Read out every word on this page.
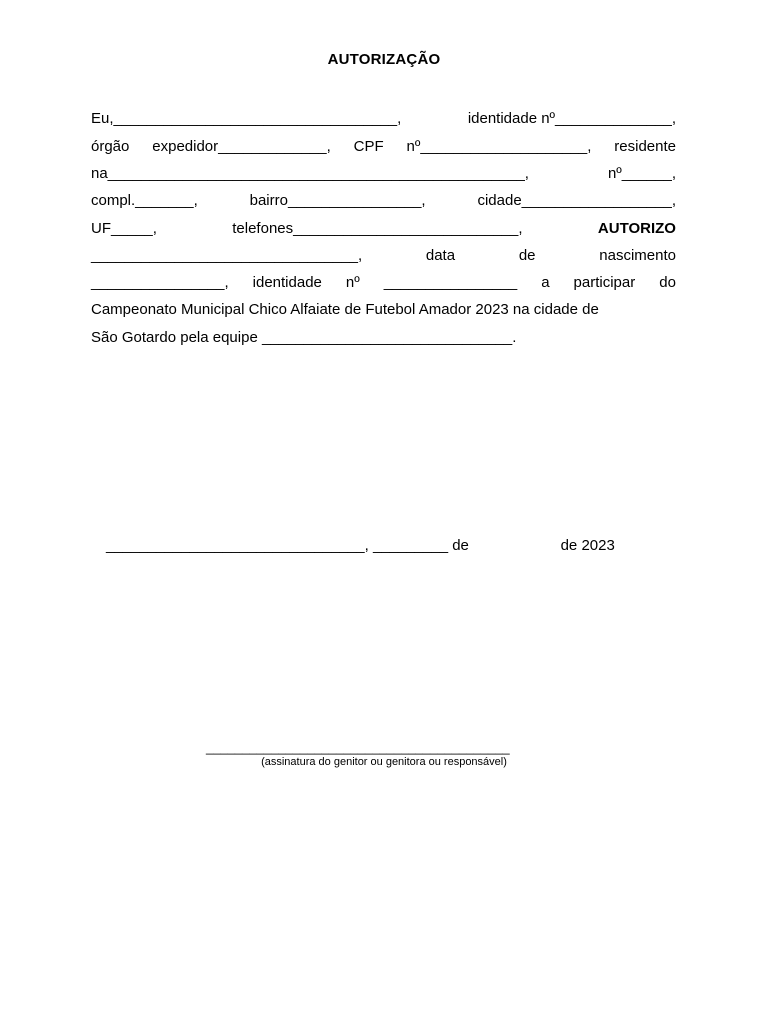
AUTORIZAÇÃO
Eu,__________________________________,	identidade nº______________,
órgão expedidor_____________, CPF nº____________________, residente
na__________________________________________________,	nº______,
compl._______,	bairro________________,	cidade__________________,
UF_____,	telefones___________________________,	AUTORIZO
________________________________,	data	de	nascimento
________________, identidade nº ________________ a participar do
Campeonato Municipal Chico Alfaiate de Futebol Amador 2023 na cidade de
São Gotardo pela equipe ______________________________.
_______________________________, _________ de	de 2023
__________________________________________
(assinatura do genitor ou genitora ou responsável)
